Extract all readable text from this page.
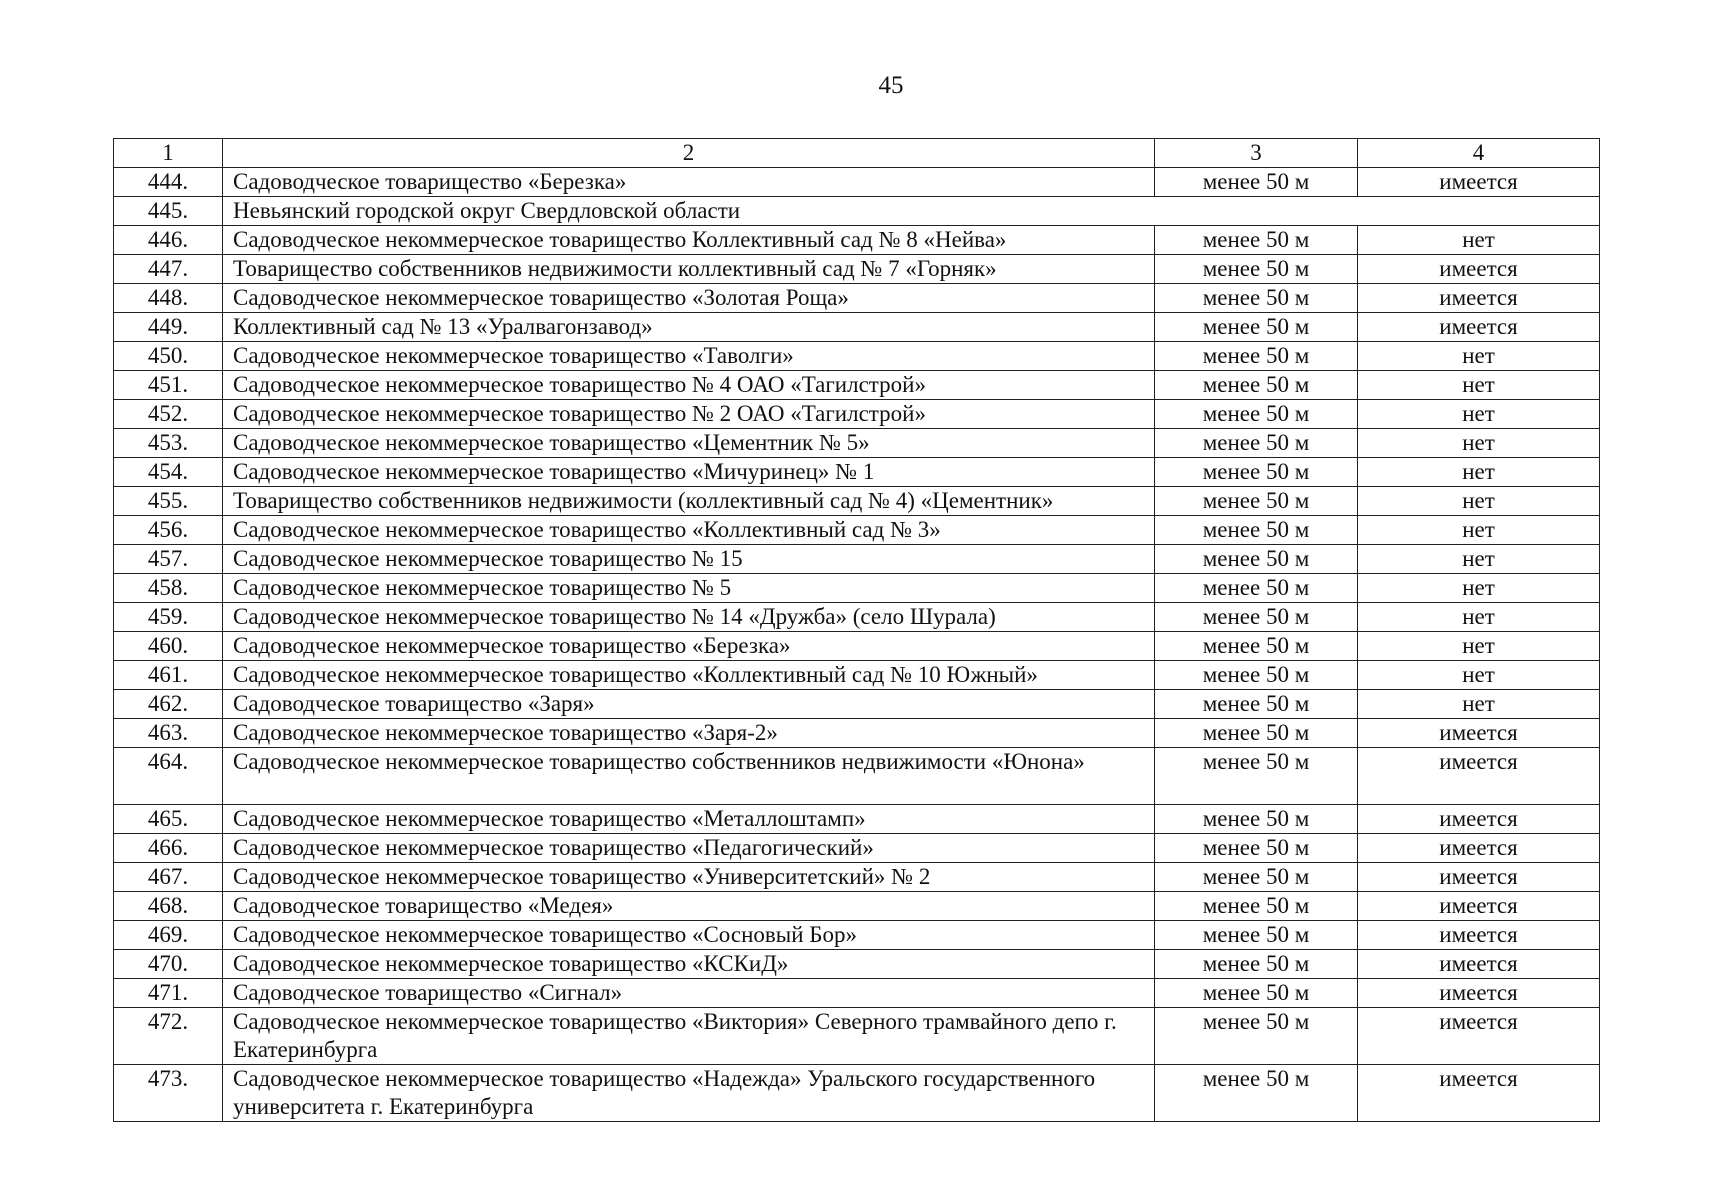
45
1	2	3	4
444.	Садоводческое товарищество «Березка»	менее 50 м	имеется
445.	Невьянский городской округ Свердловской области		
446.	Садоводческое некоммерческое товарищество Коллективный сад № 8 «Нейва»	менее 50 м	нет
447.	Товарищество собственников недвижимости коллективный сад № 7 «Горняк»	менее 50 м	имеется
448.	Садоводческое некоммерческое товарищество «Золотая Роща»	менее 50 м	имеется
449.	Коллективный сад № 13 «Уралвагонзавод»	менее 50 м	имеется
450.	Садоводческое некоммерческое товарищество «Таволги»	менее 50 м	нет
451.	Садоводческое некоммерческое товарищество № 4 ОАО «Тагилстрой»	менее 50 м	нет
452.	Садоводческое некоммерческое товарищество № 2 ОАО «Тагилстрой»	менее 50 м	нет
453.	Садоводческое некоммерческое товарищество «Цементник № 5»	менее 50 м	нет
454.	Садоводческое некоммерческое товарищество «Мичуринец» № 1	менее 50 м	нет
455.	Товарищество собственников недвижимости (коллективный сад № 4) «Цементник»	менее 50 м	нет
456.	Садоводческое некоммерческое товарищество «Коллективный сад № 3»	менее 50 м	нет
457.	Садоводческое некоммерческое товарищество № 15	менее 50 м	нет
458.	Садоводческое некоммерческое товарищество № 5	менее 50 м	нет
459.	Садоводческое некоммерческое товарищество № 14 «Дружба» (село Шурала)	менее 50 м	нет
460.	Садоводческое некоммерческое товарищество «Березка»	менее 50 м	нет
461.	Садоводческое некоммерческое товарищество «Коллективный сад № 10 Южный»	менее 50 м	нет
462.	Садоводческое товарищество «Заря»	менее 50 м	нет
463.	Садоводческое некоммерческое товарищество «Заря-2»	менее 50 м	имеется
464.	Садоводческое некоммерческое товарищество собственников недвижимости «Юнона»	менее 50 м	имеется
465.	Садоводческое некоммерческое товарищество «Металлоштамп»	менее 50 м	имеется
466.	Садоводческое некоммерческое товарищество «Педагогический»	менее 50 м	имеется
467.	Садоводческое некоммерческое товарищество «Университетский» № 2	менее 50 м	имеется
468.	Садоводческое товарищество «Медея»	менее 50 м	имеется
469.	Садоводческое некоммерческое товарищество «Сосновый Бор»	менее 50 м	имеется
470.	Садоводческое некоммерческое товарищество «КСКиД»	менее 50 м	имеется
471.	Садоводческое товарищество «Сигнал»	менее 50 м	имеется
472.	Садоводческое некоммерческое товарищество «Виктория» Северного трамвайного депо г. Екатеринбурга	менее 50 м	имеется
473.	Садоводческое некоммерческое товарищество «Надежда» Уральского государственного университета г. Екатеринбурга	менее 50 м	имеется
